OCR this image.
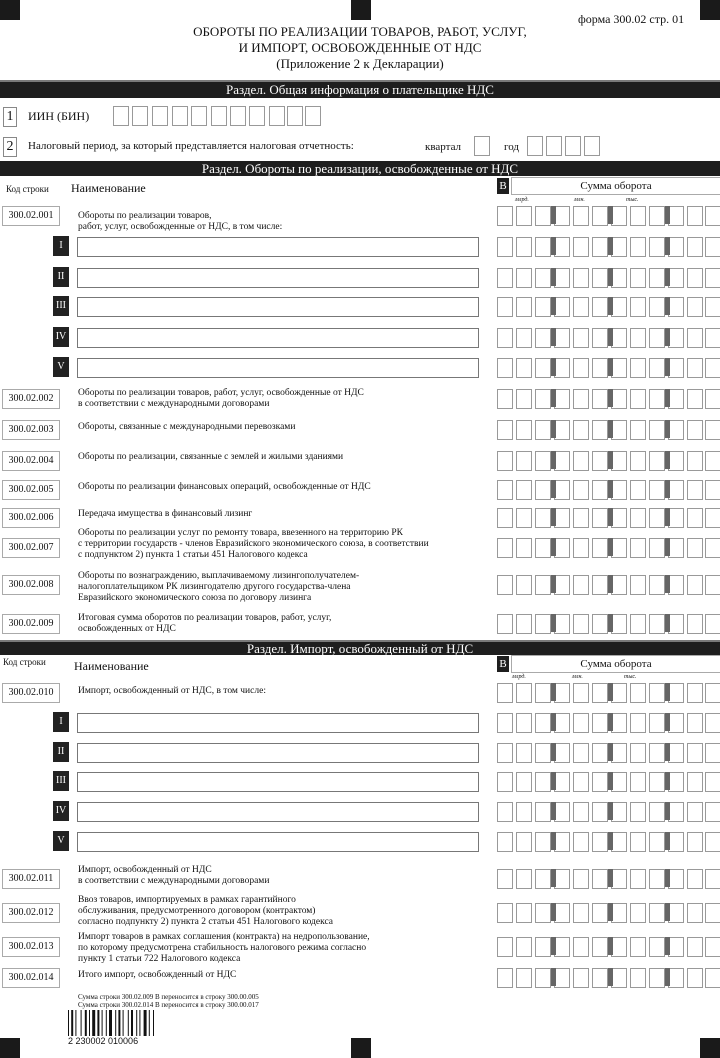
форма 300.02 стр. 01
ОБОРОТЫ ПО РЕАЛИЗАЦИИ ТОВАРОВ, РАБОТ, УСЛУГ,
И ИМПОРТ, ОСВОБОЖДЕННЫЕ ОТ НДС
(Приложение 2 к Декларации)
Раздел. Общая информация о плательщике НДС
1 ИИН (БИН)
2	Налоговый период, за который представляется налоговая отчетность:	квартал	год
Раздел. Обороты по реализации, освобожденные от НДС
Код строки Наименование	B	Сумма оборота
млрд.	млн.	тыс.
Раздел. Импорт, освобожденный от НДС
Код строки Наименование	B	Сумма оборота
млрд.	млн.	тыс.
Сумма строки 300.02.009 В переносится в строку 300.00.005
Сумма строки 300.02.014 В переносится в строку 300.00.017
2 230002 010006
300.02.001	Обороты по реализации товаров,
работ, услуг, освобожденные от НДС, в том числе:
I
II
III
IV
V
300.02.002	Обороты по реализации товаров, работ, услуг, освобожденные от НДС
в соответствии с международными договорами
300.02.003	Обороты, связанные с международными перевозками
300.02.004	Обороты по реализации, связанные с землей и жилыми зданиями
300.02.005	Обороты по реализации финансовых операций, освобожденные от НДС
300.02.006	Передача имущества в финансовый лизинг
300.02.007
Обороты по реализации услуг по ремонту товара, ввезенного на территорию РК
с территории государств - членов Евразийского экономического союза, в соответствии
с подпунктом 2) пункта 1 статьи 451 Налогового кодекса
300.02.008
Обороты по вознаграждению, выплачиваемому лизингополучателем-
налогоплательщиком РК лизингодателю другого государства-члена
Евразийского экономического союза по договору лизинга
300.02.009	Итоговая сумма оборотов по реализации товаров, работ, услуг,
освобожденных от НДС
300.02.010	Импорт, освобожденный от НДС, в том числе:
I
II
III
IV
V
300.02.011
Импорт, освобожденный от НДС
в соответствии с международными договорами
300.02.012
Ввоз товаров, импортируемых в рамках гарантийного
обслуживания, предусмотренного договором (контрактом)
согласно подпункту 2) пункта 2 статьи 451 Налогового кодекса
300.02.013
Импорт товаров в рамках соглашения (контракта) на недропользование,
по которому предусмотрена стабильность налогового режима согласно
пункту 1 статьи 722 Налогового кодекса
300.02.014	Итого импорт, освобожденный от НДС
